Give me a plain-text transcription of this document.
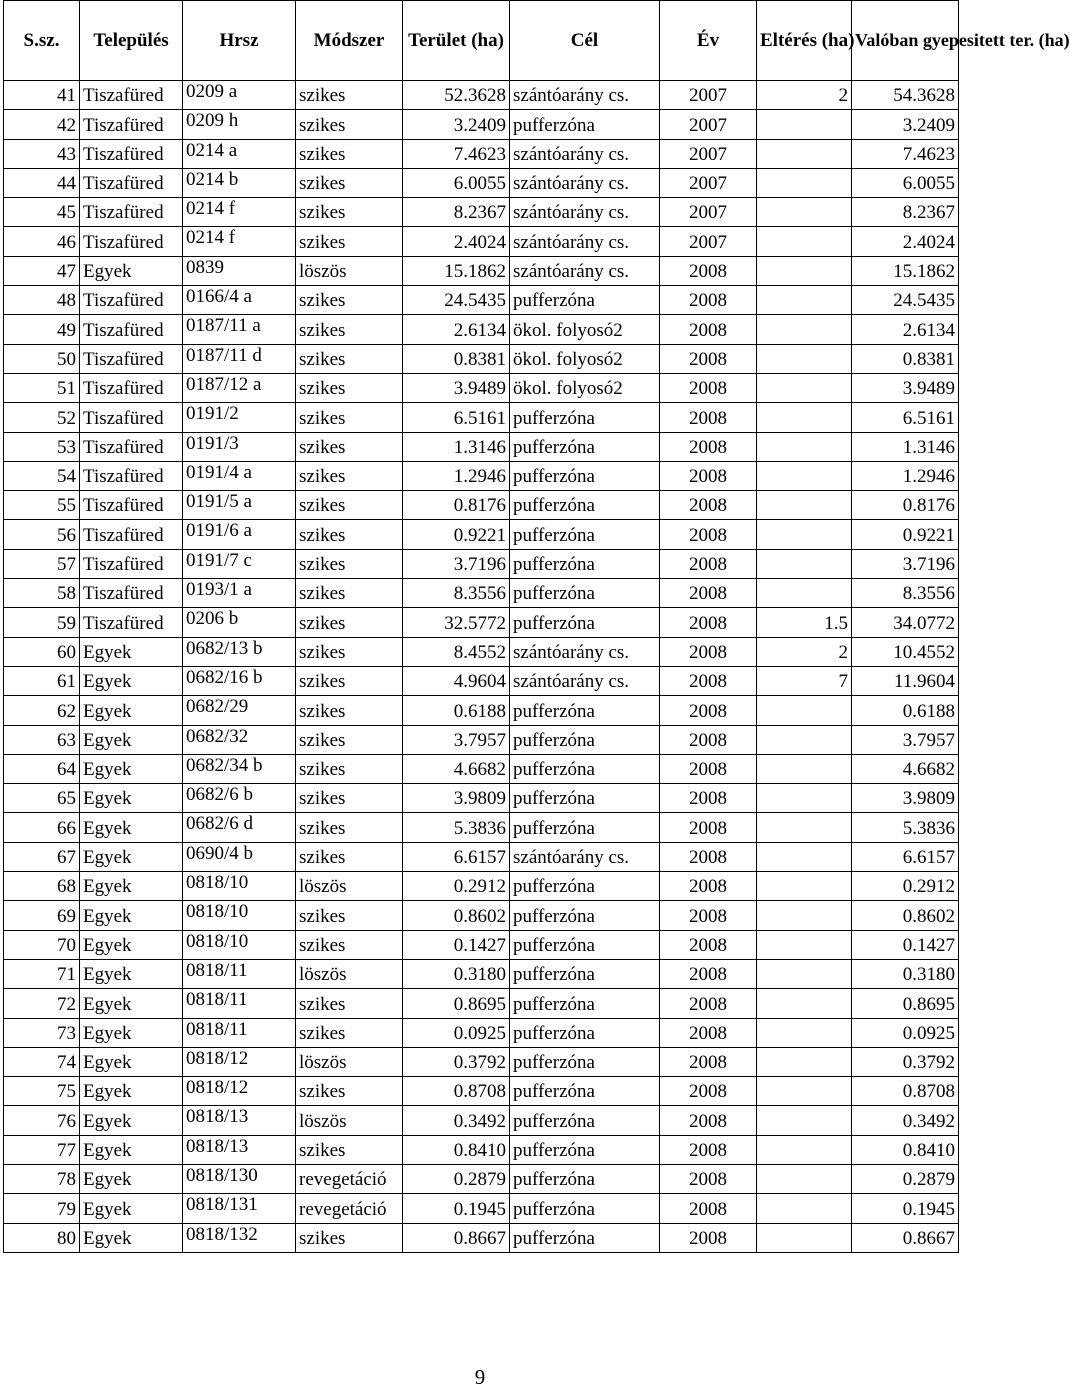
S.sz.	Település	Hrsz	Módszer	Terület (ha)	Cél	Év	Eltérés (ha)	Valóban gyepesitett ter. (ha)
41	Tiszafüred	0209 a	szikes	52.3628	szántóarány cs.	2007	2	54.3628
42	Tiszafüred	0209 h	szikes	3.2409	pufferzóna	2007		3.2409
43	Tiszafüred	0214 a	szikes	7.4623	szántóarány cs.	2007		7.4623
44	Tiszafüred	0214 b	szikes	6.0055	szántóarány cs.	2007		6.0055
45	Tiszafüred	0214 f	szikes	8.2367	szántóarány cs.	2007		8.2367
46	Tiszafüred	0214 f	szikes	2.4024	szántóarány cs.	2007		2.4024
47	Egyek	0839	löszös	15.1862	szántóarány cs.	2008		15.1862
48	Tiszafüred	0166/4 a	szikes	24.5435	pufferzóna	2008		24.5435
49	Tiszafüred	0187/11 a	szikes	2.6134	ökol. folyosó2	2008		2.6134
50	Tiszafüred	0187/11 d	szikes	0.8381	ökol. folyosó2	2008		0.8381
51	Tiszafüred	0187/12 a	szikes	3.9489	ökol. folyosó2	2008		3.9489
52	Tiszafüred	0191/2	szikes	6.5161	pufferzóna	2008		6.5161
53	Tiszafüred	0191/3	szikes	1.3146	pufferzóna	2008		1.3146
54	Tiszafüred	0191/4 a	szikes	1.2946	pufferzóna	2008		1.2946
55	Tiszafüred	0191/5 a	szikes	0.8176	pufferzóna	2008		0.8176
56	Tiszafüred	0191/6 a	szikes	0.9221	pufferzóna	2008		0.9221
57	Tiszafüred	0191/7 c	szikes	3.7196	pufferzóna	2008		3.7196
58	Tiszafüred	0193/1 a	szikes	8.3556	pufferzóna	2008		8.3556
59	Tiszafüred	0206 b	szikes	32.5772	pufferzóna	2008	1.5	34.0772
60	Egyek	0682/13 b	szikes	8.4552	szántóarány cs.	2008	2	10.4552
61	Egyek	0682/16 b	szikes	4.9604	szántóarány cs.	2008	7	11.9604
62	Egyek	0682/29	szikes	0.6188	pufferzóna	2008		0.6188
63	Egyek	0682/32	szikes	3.7957	pufferzóna	2008		3.7957
64	Egyek	0682/34 b	szikes	4.6682	pufferzóna	2008		4.6682
65	Egyek	0682/6 b	szikes	3.9809	pufferzóna	2008		3.9809
66	Egyek	0682/6 d	szikes	5.3836	pufferzóna	2008		5.3836
67	Egyek	0690/4 b	szikes	6.6157	szántóarány cs.	2008		6.6157
68	Egyek	0818/10	löszös	0.2912	pufferzóna	2008		0.2912
69	Egyek	0818/10	szikes	0.8602	pufferzóna	2008		0.8602
70	Egyek	0818/10	szikes	0.1427	pufferzóna	2008		0.1427
71	Egyek	0818/11	löszös	0.3180	pufferzóna	2008		0.3180
72	Egyek	0818/11	szikes	0.8695	pufferzóna	2008		0.8695
73	Egyek	0818/11	szikes	0.0925	pufferzóna	2008		0.0925
74	Egyek	0818/12	löszös	0.3792	pufferzóna	2008		0.3792
75	Egyek	0818/12	szikes	0.8708	pufferzóna	2008		0.8708
76	Egyek	0818/13	löszös	0.3492	pufferzóna	2008		0.3492
77	Egyek	0818/13	szikes	0.8410	pufferzóna	2008		0.8410
78	Egyek	0818/130	revegetáció	0.2879	pufferzóna	2008		0.2879
79	Egyek	0818/131	revegetáció	0.1945	pufferzóna	2008		0.1945
80	Egyek	0818/132	szikes	0.8667	pufferzóna	2008		0.8667
9
